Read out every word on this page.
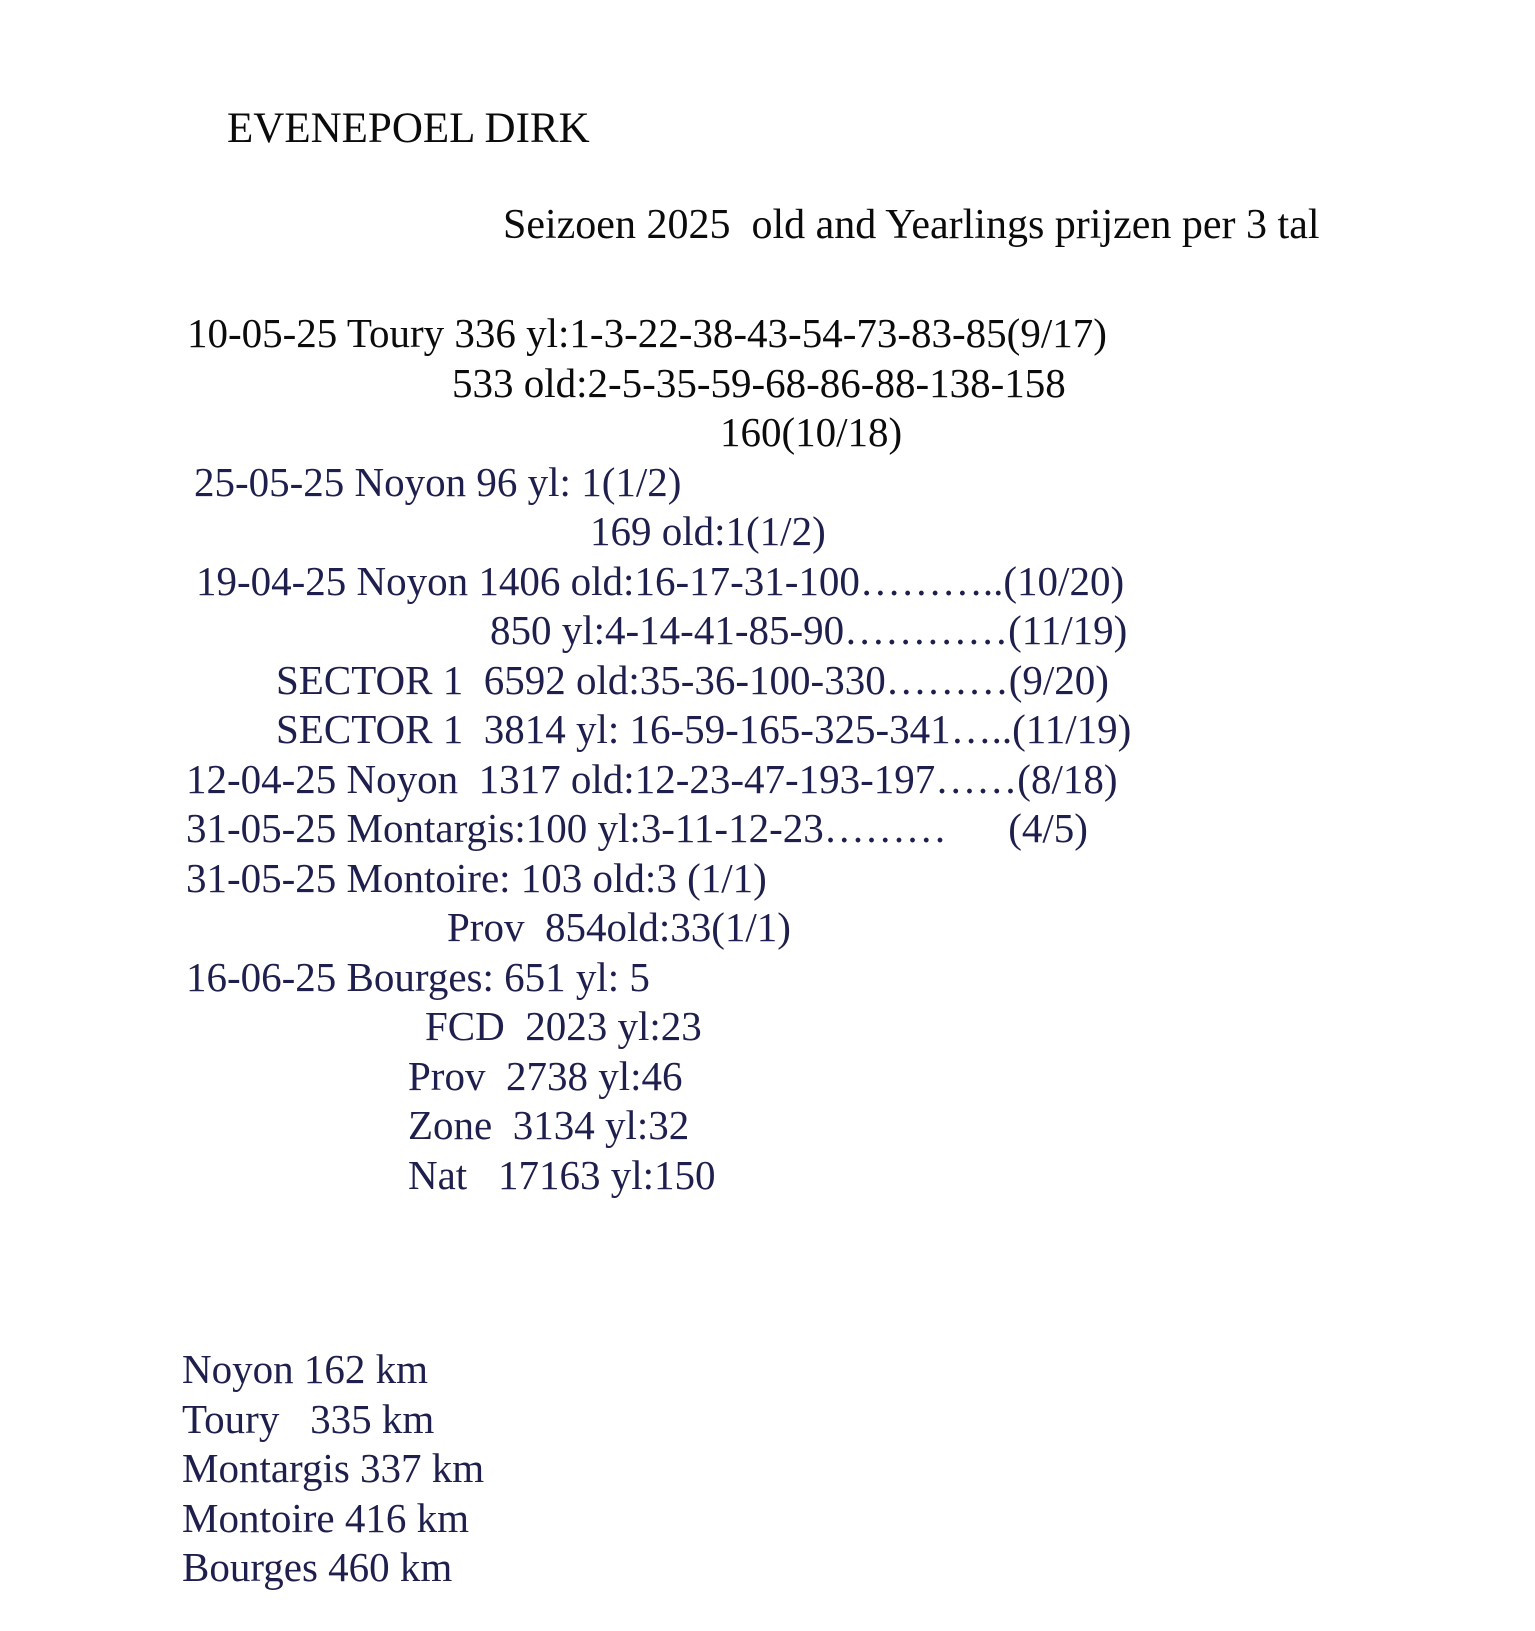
EVENEPOEL DIRK
Seizoen 2025  old and Yearlings prijzen per 3 tal
10-05-25 Toury 336 yl:1-3-22-38-43-54-73-83-85(9/17)
533 old:2-5-35-59-68-86-88-138-158
160(10/18)
25-05-25 Noyon 96 yl: 1(1/2)
169 old:1(1/2)
19-04-25 Noyon 1406 old:16-17-31-100………..(10/20)
850 yl:4-14-41-85-90…………(11/19)
SECTOR 1  6592 old:35-36-100-330………(9/20)
SECTOR 1  3814 yl: 16-59-165-325-341…..(11/19)
12-04-25 Noyon  1317 old:12-23-47-193-197……(8/18)
31-05-25 Montargis:100 yl:3-11-12-23………      (4/5)
31-05-25 Montoire: 103 old:3 (1/1)
Prov  854old:33(1/1)
16-06-25 Bourges: 651 yl: 5
FCD  2023 yl:23
Prov  2738 yl:46
Zone  3134 yl:32
Nat   17163 yl:150
Noyon 162 km
Toury   335 km
Montargis 337 km
Montoire 416 km
Bourges 460 km
